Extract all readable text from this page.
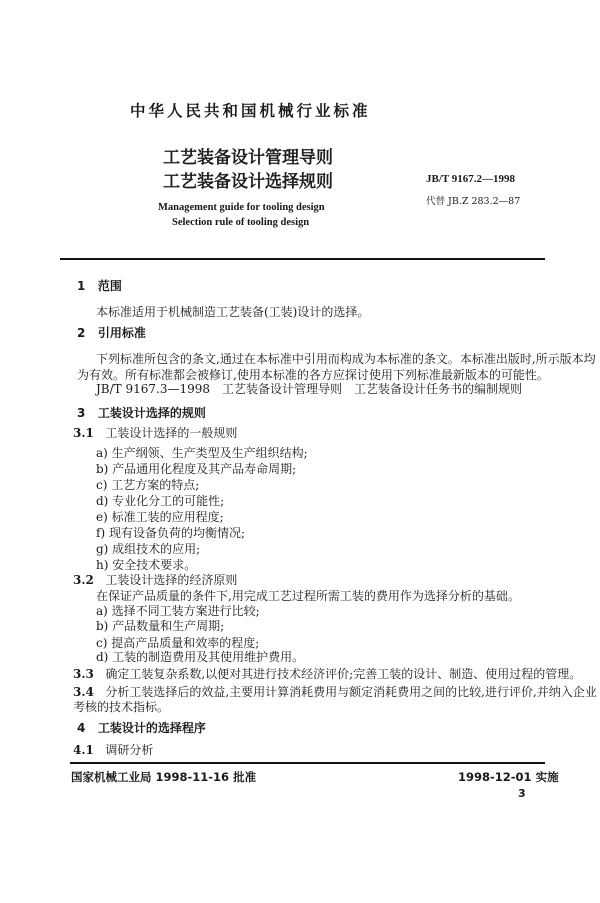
中华人民共和国机械行业标准
工艺装备设计管理导则
工艺装备设计选择规则
Management guide for tooling design
Selection rule of tooling design
JB/T 9167.2—1998
代替 JB.Z 283.2—87
1 范围
本标准适用于机械制造工艺装备(工装)设计的选择。
2 引用标准
下列标准所包含的条文,通过在本标准中引用而构成为本标准的条文。本标准出版时,所示版本均
为有效。所有标准都会被修订,使用本标准的各方应探讨使用下列标准最新版本的可能性。
JB/T 9167.3—1998　工艺装备设计管理导则　工艺装备设计任务书的编制规则
3 工装设计选择的规则
3.1 工装设计选择的一般规则
a) 生产纲领、生产类型及生产组织结构;
b) 产品通用化程度及其产品寿命周期;
c) 工艺方案的特点;
d) 专业化分工的可能性;
e) 标准工装的应用程度;
f) 现有设备负荷的均衡情况;
g) 成组技术的应用;
h) 安全技术要求。
3.2 工装设计选择的经济原则
在保证产品质量的条件下,用完成工艺过程所需工装的费用作为选择分析的基础。
a) 选择不同工装方案进行比较;
b) 产品数量和生产周期;
c) 提高产品质量和效率的程度;
d) 工装的制造费用及其使用维护费用。
3.3 确定工装复杂系数,以便对其进行技术经济评价;完善工装的设计、制造、使用过程的管理。
3.4 分析工装选择后的效益,主要用计算消耗费用与额定消耗费用之间的比较,进行评价,并纳入企业
考核的技术指标。
4 工装设计的选择程序
4.1 调研分析
国家机械工业局 1998-11-16 批准	1998-12-01 实施
3
